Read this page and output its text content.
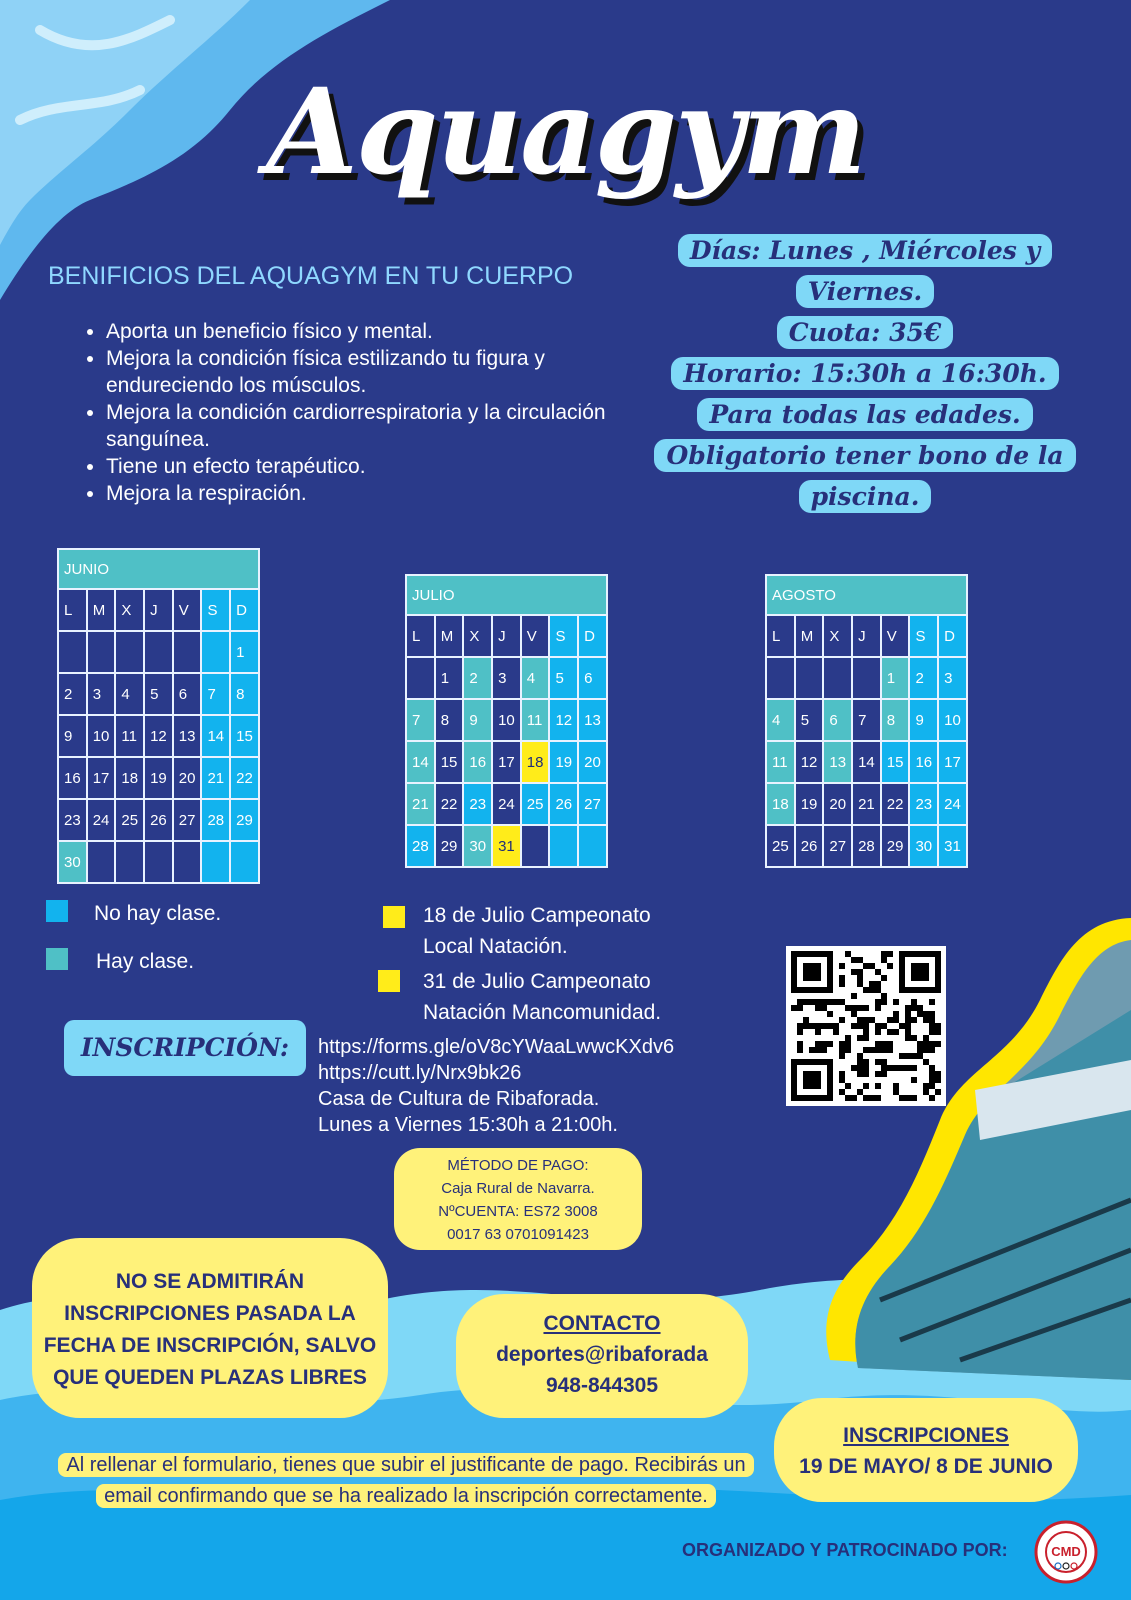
Aquagym
BENIFICIOS DEL AQUAGYM EN TU CUERPO
• Aporta un beneficio físico y mental.
• Mejora la condición física estilizando tu figura y endureciendo los músculos.
• Mejora la condición cardiorrespiratoria y la circulación sanguínea.
• Tiene un efecto terapéutico.
• Mejora la respiración.
Días: Lunes , Miércoles y Viernes.
Cuota: 35€
Horario: 15:30h a 16:30h.
Para todas las edades.
Obligatorio tener bono de la piscina.
JUNIO						
L	M	X	J	V	S	D
						1
2	3	4	5	6	7	8
9	10	11	12	13	14	15
16	17	18	19	20	21	22
23	24	25	26	27	28	29
30						
JULIO						
L	M	X	J	V	S	D
	1	2	3	4	5	6
7	8	9	10	11	12	13
14	15	16	17	18	19	20
21	22	23	24	25	26	27
28	29	30	31			
AGOSTO						
L	M	X	J	V	S	D
				1	2	3
4	5	6	7	8	9	10
11	12	13	14	15	16	17
18	19	20	21	22	23	24
25	26	27	28	29	30	31
No hay clase.
Hay clase.
18 de Julio Campeonato
Local Natación.
31 de Julio Campeonato
Natación Mancomunidad.
INSCRIPCIÓN:	https://forms.gle/oV8cYWaaLwwcKXdv6
https://cutt.ly/Nrx9bk26
Casa de Cultura de Ribaforada.
Lunes a Viernes 15:30h a 21:00h.
MÉTODO DE PAGO:
Caja Rural de Navarra.
NºCUENTA: ES72 3008
0017 63 0701091423
NO SE ADMITIRÁN INSCRIPCIONES PASADA LA FECHA DE INSCRIPCIÓN, SALVO QUE QUEDEN PLAZAS LIBRES
CONTACTO
deportes@ribaforada
948-844305
INSCRIPCIONES
19 DE MAYO/ 8 DE JUNIO
Al rellenar el formulario, tienes que subir el justificante de pago. Recibirás un email confirmando que se ha realizado la inscripción correctamente.
ORGANIZADO Y PATROCINADO POR:	CMD
